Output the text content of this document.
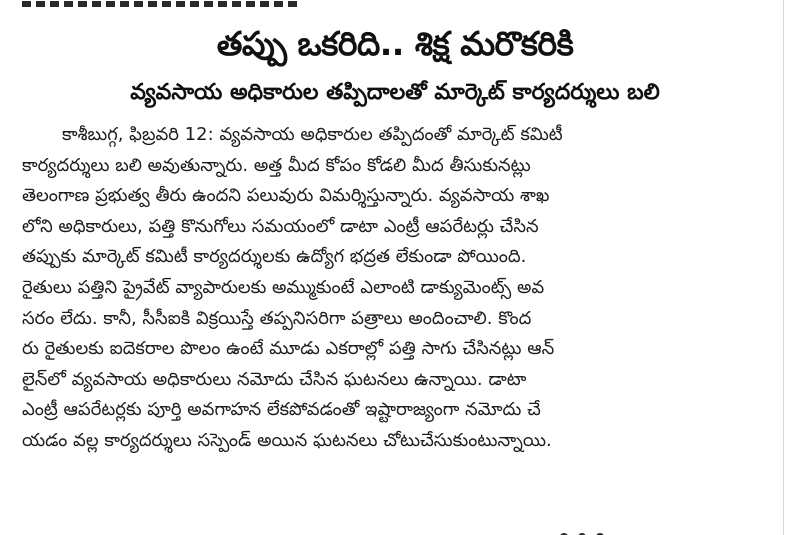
తప్పు ఒకరిది.. శిక్ష మరొకరికి
వ్యవసాయ అధికారుల తప్పిదాలతో మార్కెట్ కార్యదర్శులు బలి
కాశీబుగ్గ, ఫిబ్రవరి 12: వ్యవసాయ అధికారుల తప్పిదంతో మార్కెట్ కమిటీ
కార్యదర్శులు బలి అవుతున్నారు. అత్త మీద కోపం కోడలి మీద తీసుకునట్లు
తెలంగాణ ప్రభుత్వ తీరు ఉందని పలువురు విమర్శిస్తున్నారు. వ్యవసాయ శాఖ
లోని అధికారులు, పత్తి కొనుగోలు సమయంలో డాటా ఎంట్రీ ఆపరేటర్లు చేసిన
తప్పుకు మార్కెట్ కమిటీ కార్యదర్శులకు ఉద్యోగ భద్రత లేకుండా పోయింది.
రైతులు పత్తిని ప్రైవేట్ వ్యాపారులకు అమ్ముకుంటే ఎలాంటి డాక్యుమెంట్స్ అవ
సరం లేదు. కానీ, సీసీఐకి విక్రయిస్తే తప్పనిసరిగా పత్రాలు అందించాలి. కొంద
రు రైతులకు ఐదెకరాల పొలం ఉంటే మూడు ఎకరాల్లో పత్తి సాగు చేసినట్లు ఆన్
లైన్‌లో వ్యవసాయ అధికారులు నమోదు చేసిన ఘటనలు ఉన్నాయి. డాటా
ఎంట్రీ ఆపరేటర్లకు పూర్తి అవగాహన లేకపోవడంతో ఇష్టారాజ్యంగా నమోదు చే
యడం వల్ల కార్యదర్శులు సస్పెండ్ అయిన ఘటనలు చోటుచేసుకుంటున్నాయి.
